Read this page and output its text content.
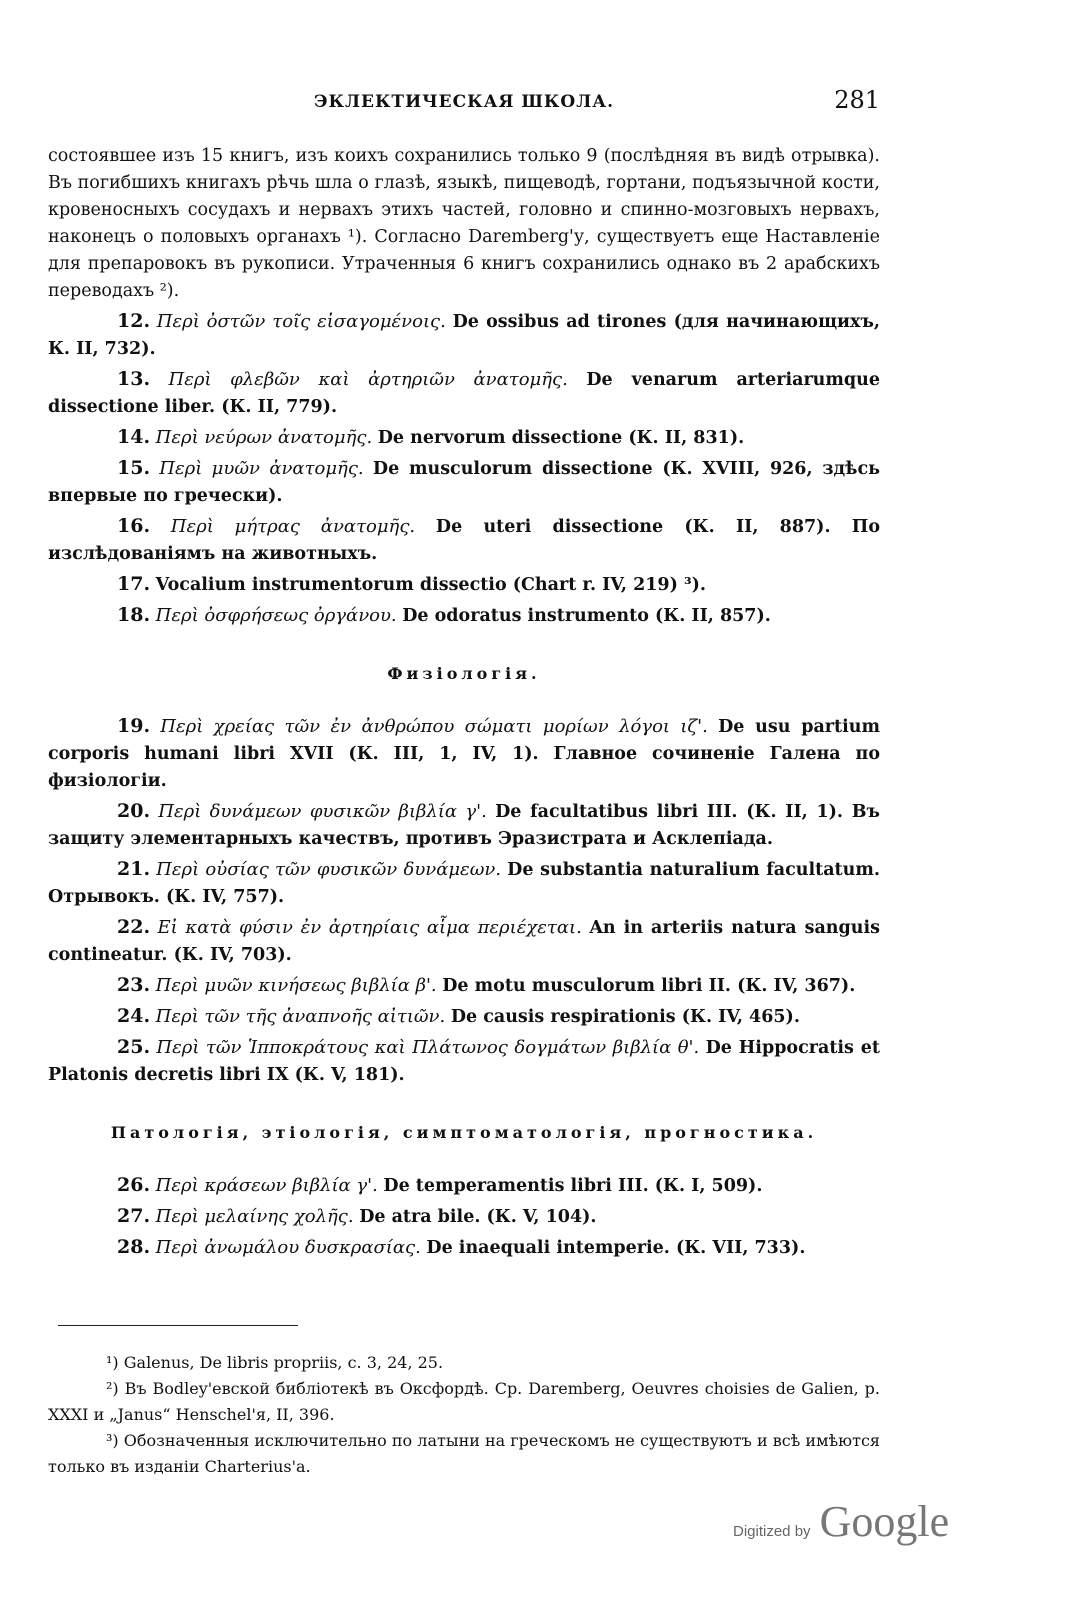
ЭКЛЕКТИЧЕСКАЯ ШКОЛА.	281

состоявшее изъ 15 книгъ, изъ коихъ сохранились только 9 (послѣдняя въ видѣ отрывка). Въ погибшихъ книгахъ рѣчь шла о глазѣ, языкѣ, пищеводѣ, гортани, подъязычной кости, кровеносныхъ сосудахъ и нервахъ этихъ частей, головно и спинно-мозговыхъ нервахъ, наконецъ о половыхъ органахъ ¹). Согласно Daremberg'у, существуетъ еще Наставленіе для препаровокъ въ рукописи. Утраченныя 6 книгъ сохранились однако въ 2 арабскихъ переводахъ ²).

12. Περὶ ὀστῶν τοῖς εἰσαγομένοις. De ossibus ad tirones (для начинающихъ, К. II, 732).

13. Περὶ φλεβῶν καὶ ἀρτηριῶν ἀνατομῆς. De venarum arteriarumque dissectione liber. (К. II, 779).

14. Περὶ νεύρων ἀνατομῆς. De nervorum dissectione (К. II, 831).

15. Περὶ μυῶν ἀνατομῆς. De musculorum dissectione (К. XVIII, 926, здѣсь впервые по гречески).

16. Περὶ μήτρας ἀνατομῆς. De uteri dissectione (К. II, 887). По изслѣдованіямъ на животныхъ.

17. Vocalium instrumentorum dissectio (Chart r. IV, 219) ³).

18. Περὶ ὀσφρήσεως ὀργάνου. De odoratus instrumento (К. II, 857).

Физіологія.

19. Περὶ χρείας τῶν ἐν ἀνθρώπου σώματι μορίων λόγοι ιζ'. De usu partium corporis humani libri XVII (К. III, 1, IV, 1). Главное сочиненіе Галена по физіологіи.

20. Περὶ δυνάμεων φυσικῶν βιβλία γ'. De facultatibus libri III. (К. II, 1). Въ защиту элементарныхъ качествъ, противъ Эразистрата и Асклепіада.

21. Περὶ οὐσίας τῶν φυσικῶν δυνάμεων. De substantia naturalium facultatum. Отрывокъ. (К. IV, 757).

22. Εἰ κατὰ φύσιν ἐν ἀρτηρίαις αἷμα περιέχεται. An in arteriis natura sanguis contineatur. (К. IV, 703).

23. Περὶ μυῶν κινήσεως βιβλία β'. De motu musculorum libri II. (К. IV, 367).

24. Περὶ τῶν τῆς ἀναπνοῆς αἰτιῶν. De causis respirationis (К. IV, 465).

25. Περὶ τῶν Ἱπποκράτους καὶ Πλάτωνος δογμάτων βιβλία θ'. De Hippocratis et Platonis decretis libri IX (К. V, 181).

Патологія, этіологія, симптоматологія, прогностика.

26. Περὶ κράσεων βιβλία γ'. De temperamentis libri III. (К. I, 509).

27. Περὶ μελαίνης χολῆς. De atra bile. (К. V, 104).

28. Περὶ ἀνωμάλου δυσκρασίας. De inaequali intemperie. (К. VII, 733).

¹) Galenus, De libris propriis, c. 3, 24, 25.

²) Въ Bodley'евской библіотекѣ въ Оксфордѣ. Ср. Daremberg, Oeuvres choisies de Galien, p. XXXI и „Janus“ Henschel'я, II, 396.

³) Обозначенныя исключительно по латыни на греческомъ не существуютъ и всѣ имѣются только въ изданіи Charterius'а.

Digitized by Google
